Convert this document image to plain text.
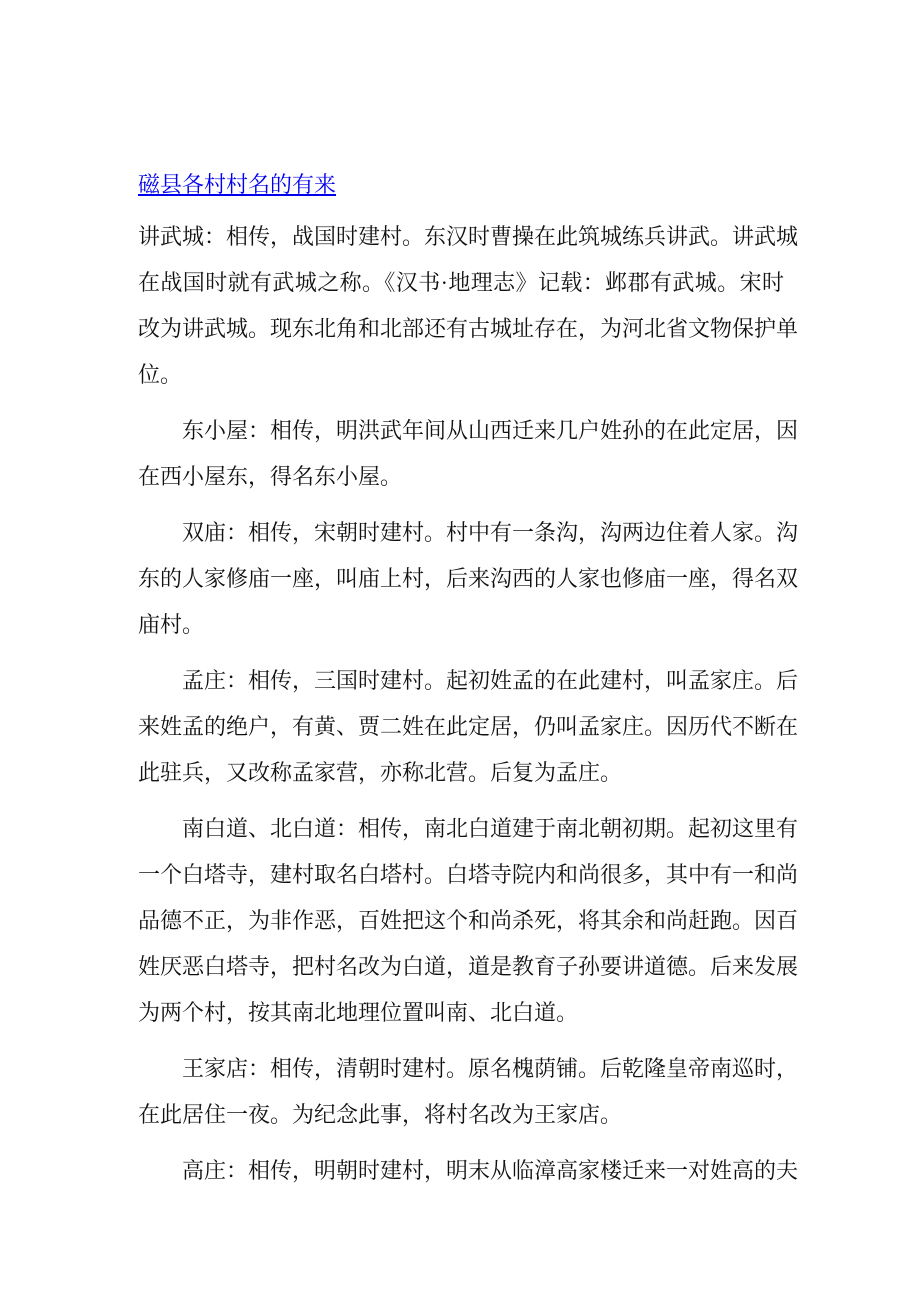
磁县各村村名的有来
讲武城：相传，战国时建村。东汉时曹操在此筑城练兵讲武。讲武城
在战国时就有武城之称。《汉书·地理志》记载：邺郡有武城。宋时
改为讲武城。现东北角和北部还有古城址存在，为河北省文物保护单
位。
东小屋：相传，明洪武年间从山西迁来几户姓孙的在此定居，因
在西小屋东，得名东小屋。
双庙：相传，宋朝时建村。村中有一条沟，沟两边住着人家。沟
东的人家修庙一座，叫庙上村，后来沟西的人家也修庙一座，得名双
庙村。
孟庄：相传，三国时建村。起初姓孟的在此建村，叫孟家庄。后
来姓孟的绝户，有黄、贾二姓在此定居，仍叫孟家庄。因历代不断在
此驻兵，又改称孟家营，亦称北营。后复为孟庄。
南白道、北白道：相传，南北白道建于南北朝初期。起初这里有
一个白塔寺，建村取名白塔村。白塔寺院内和尚很多，其中有一和尚
品德不正，为非作恶，百姓把这个和尚杀死，将其余和尚赶跑。因百
姓厌恶白塔寺，把村名改为白道，道是教育子孙要讲道德。后来发展
为两个村，按其南北地理位置叫南、北白道。
王家店：相传，清朝时建村。原名槐荫铺。后乾隆皇帝南巡时，
在此居住一夜。为纪念此事，将村名改为王家店。
高庄：相传，明朝时建村，明末从临漳高家楼迁来一对姓高的夫
